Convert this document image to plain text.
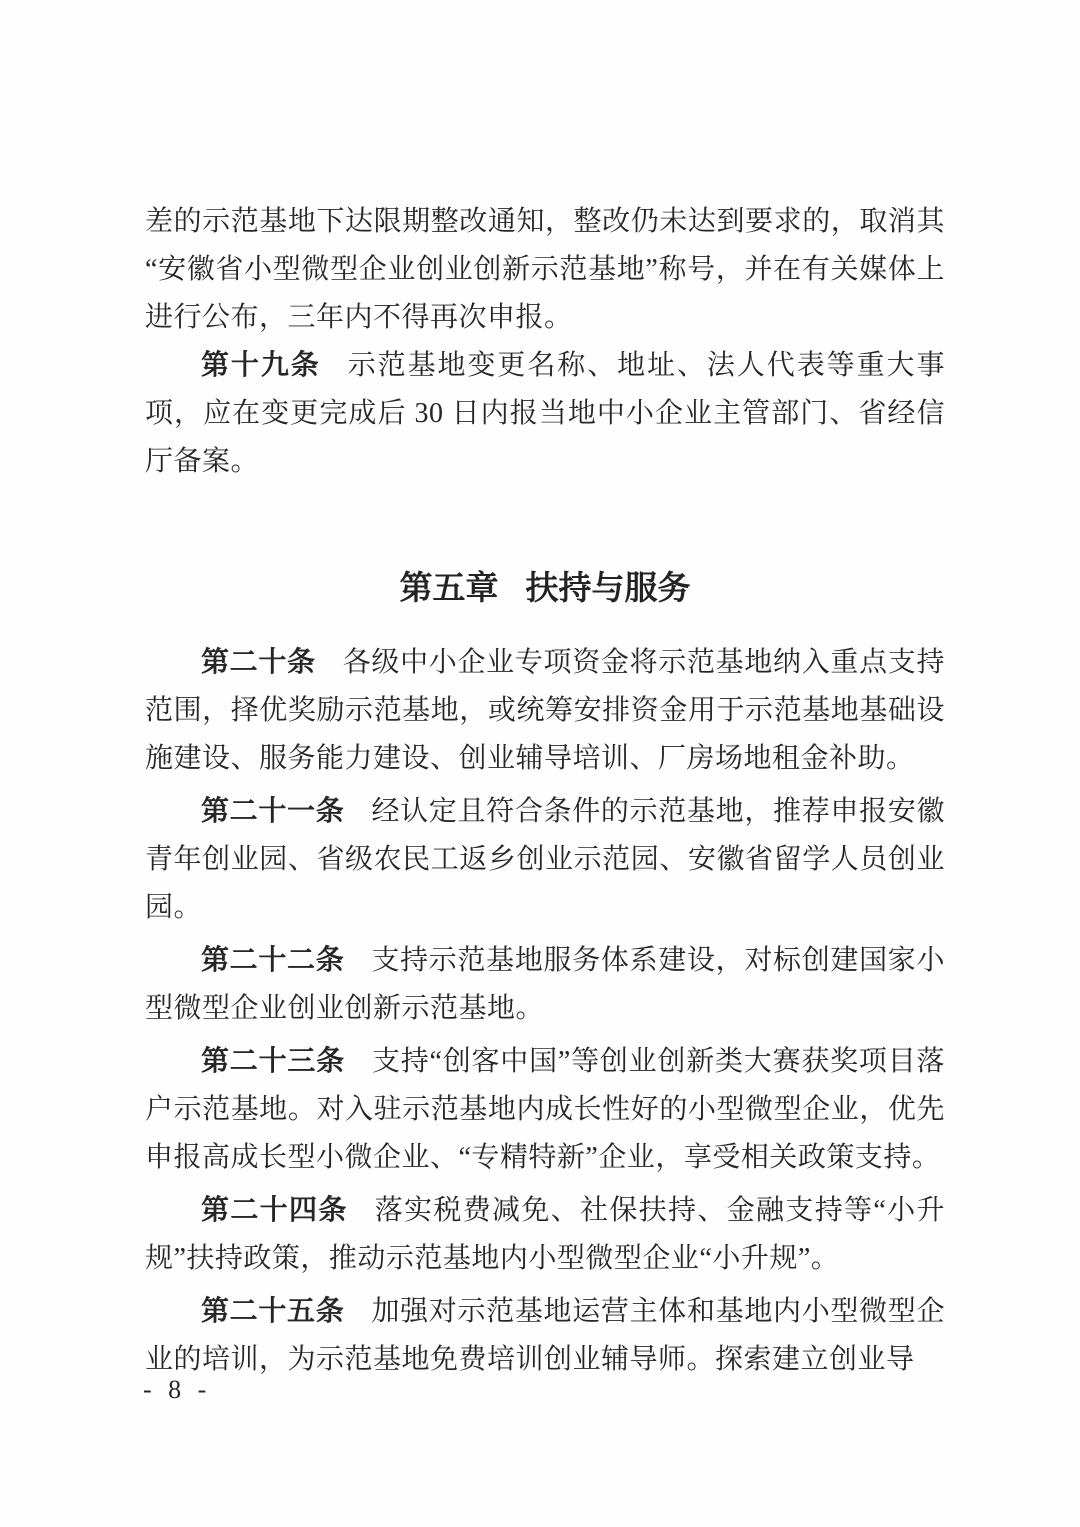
差的示范基地下达限期整改通知，整改仍未达到要求的，取消其“安徽省小型微型企业创业创新示范基地”称号，并在有关媒体上进行公布，三年内不得再次申报。

第十九条 示范基地变更名称、地址、法人代表等重大事项，应在变更完成后 30 日内报当地中小企业主管部门、省经信厅备案。

第五章 扶持与服务

第二十条 各级中小企业专项资金将示范基地纳入重点支持范围，择优奖励示范基地，或统筹安排资金用于示范基地基础设施建设、服务能力建设、创业辅导培训、厂房场地租金补助。

第二十一条 经认定且符合条件的示范基地，推荐申报安徽青年创业园、省级农民工返乡创业示范园、安徽省留学人员创业园。

第二十二条 支持示范基地服务体系建设，对标创建国家小型微型企业创业创新示范基地。

第二十三条 支持“创客中国”等创业创新类大赛获奖项目落户示范基地。对入驻示范基地内成长性好的小型微型企业，优先申报高成长型小微企业、“专精特新”企业，享受相关政策支持。

第二十四条 落实税费减免、社保扶持、金融支持等“小升规”扶持政策，推动示范基地内小型微型企业“小升规”。

第二十五条 加强对示范基地运营主体和基地内小型微型企业的培训，为示范基地免费培训创业辅导师。探索建立创业导

- 8 -
